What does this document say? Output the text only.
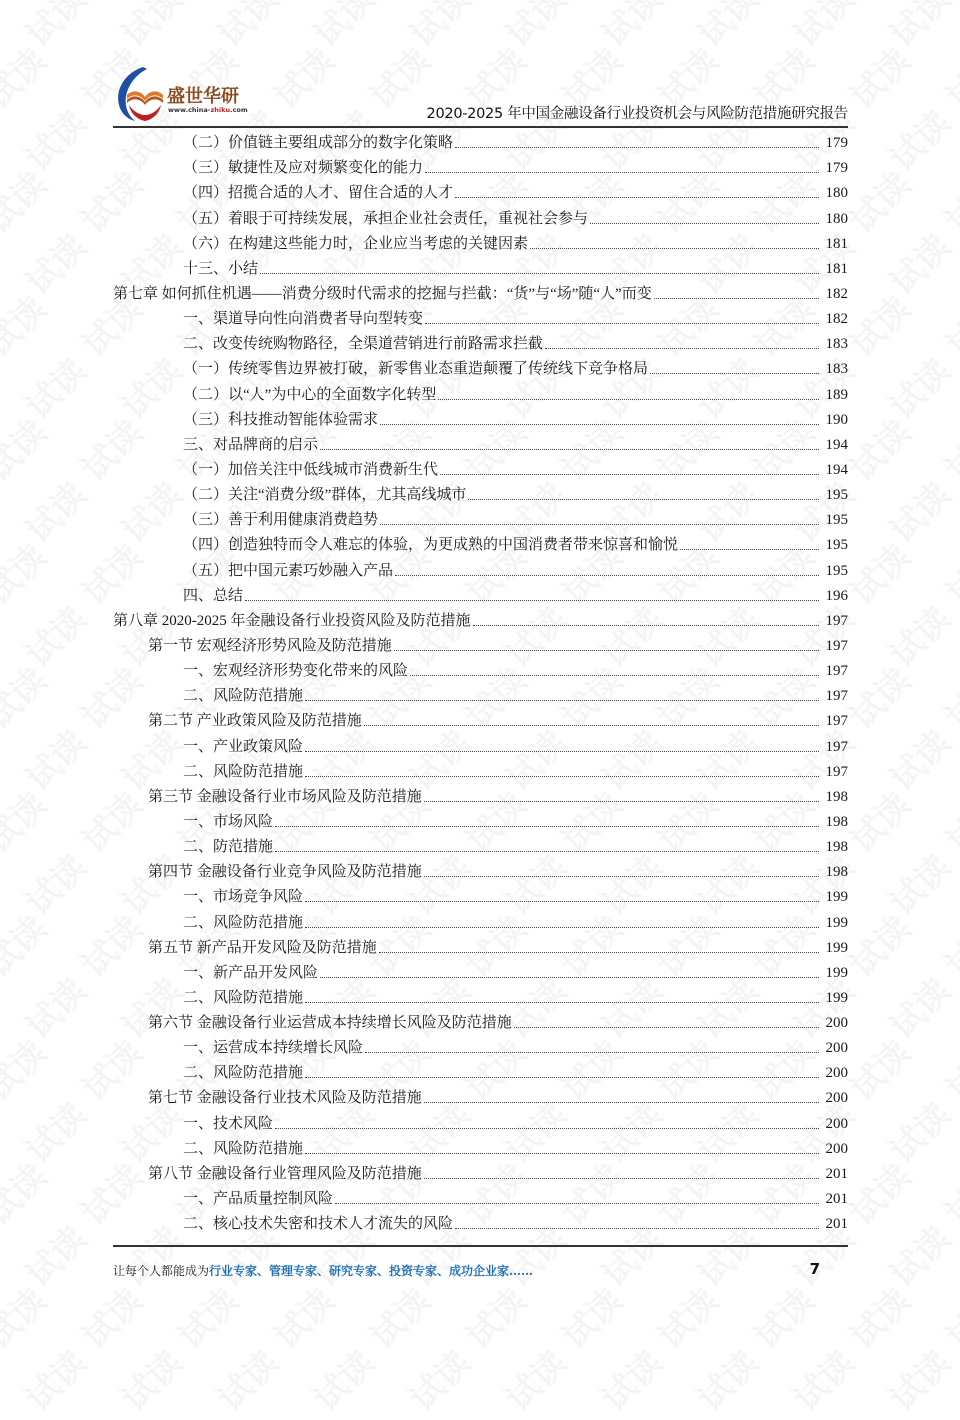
盛世华研
www.china-zhiku.com	2020-2025 年中国金融设备行业投资机会与风险防范措施研究报告
（二）价值链主要组成部分的数字化策略	179
（三）敏捷性及应对频繁变化的能力	179
（四）招揽合适的人才、留住合适的人才	180
（五）着眼于可持续发展，承担企业社会责任，重视社会参与	180
（六）在构建这些能力时，企业应当考虑的关键因素	181
十三、小结	181
第七章 如何抓住机遇——消费分级时代需求的挖掘与拦截：“货”与“场”随“人”而变	182
一、渠道导向性向消费者导向型转变	182
二、改变传统购物路径，全渠道营销进行前路需求拦截	183
（一）传统零售边界被打破，新零售业态重造颠覆了传统线下竞争格局	183
（二）以“人”为中心的全面数字化转型	189
（三）科技推动智能体验需求	190
三、对品牌商的启示	194
（一）加倍关注中低线城市消费新生代	194
（二）关注“消费分级”群体，尤其高线城市	195
（三）善于利用健康消费趋势	195
（四）创造独特而令人难忘的体验，为更成熟的中国消费者带来惊喜和愉悦	195
（五）把中国元素巧妙融入产品	195
四、总结	196
第八章 2020-2025 年金融设备行业投资风险及防范措施	197
第一节 宏观经济形势风险及防范措施	197
一、宏观经济形势变化带来的风险	197
二、风险防范措施	197
第二节 产业政策风险及防范措施	197
一、产业政策风险	197
二、风险防范措施	197
第三节 金融设备行业市场风险及防范措施	198
一、市场风险	198
二、防范措施	198
第四节 金融设备行业竞争风险及防范措施	198
一、市场竞争风险	199
二、风险防范措施	199
第五节 新产品开发风险及防范措施	199
一、新产品开发风险	199
二、风险防范措施	199
第六节 金融设备行业运营成本持续增长风险及防范措施	200
一、运营成本持续增长风险	200
二、风险防范措施	200
第七节 金融设备行业技术风险及防范措施	200
一、技术风险	200
二、风险防范措施	200
第八节 金融设备行业管理风险及防范措施	201
一、产品质量控制风险	201
二、核心技术失密和技术人才流失的风险	201
让每个人都能成为行业专家、管理专家、研究专家、投资专家、成功企业家……	7
